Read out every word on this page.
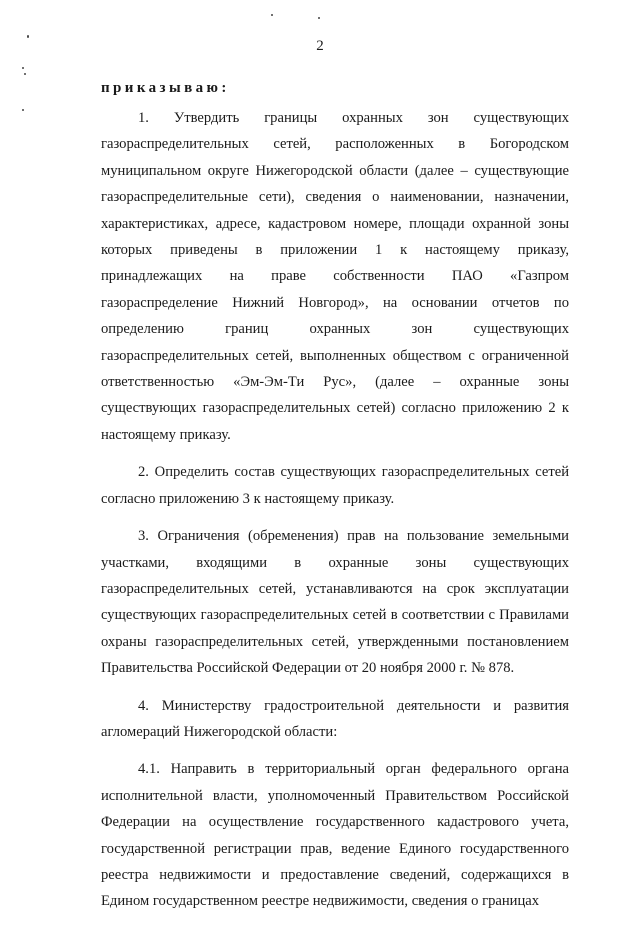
2
приказываю:

1. Утвердить границы охранных зон существующих газораспределительных сетей, расположенных в Богородском муниципальном округе Нижегородской области (далее – существующие газораспределительные сети), сведения о наименовании, назначении, характеристиках, адресе, кадастровом номере, площади охранной зоны которых приведены в приложении 1 к настоящему приказу, принадлежащих на праве собственности ПАО «Газпром газораспределение Нижний Новгород», на основании отчетов по определению границ охранных зон существующих газораспределительных сетей, выполненных обществом с ограниченной ответственностью «Эм-Эм-Ти Рус», (далее – охранные зоны существующих газораспределительных сетей) согласно приложению 2 к настоящему приказу.

2. Определить состав существующих газораспределительных сетей согласно приложению 3 к настоящему приказу.

3. Ограничения (обременения) прав на пользование земельными участками, входящими в охранные зоны существующих газораспределительных сетей, устанавливаются на срок эксплуатации существующих газораспределительных сетей в соответствии с Правилами охраны газораспределительных сетей, утвержденными постановлением Правительства Российской Федерации от 20 ноября 2000 г. № 878.

4. Министерству градостроительной деятельности и развития агломераций Нижегородской области:

4.1. Направить в территориальный орган федерального органа исполнительной власти, уполномоченный Правительством Российской Федерации на осуществление государственного кадастрового учета, государственной регистрации прав, ведение Единого государственного реестра недвижимости и предоставление сведений, содержащихся в Едином государственном реестре недвижимости, сведения о границах
